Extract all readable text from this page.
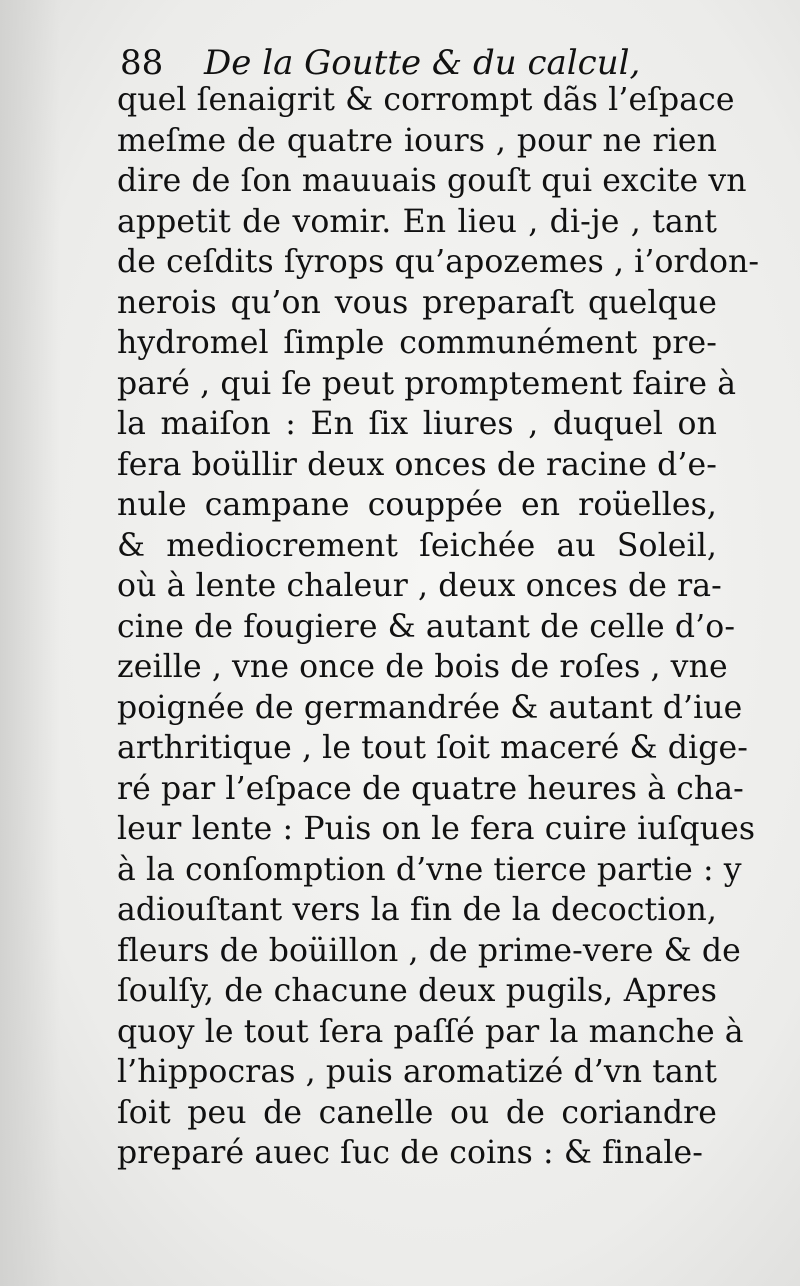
88 De la Goutte & du calcul,
quel ſenaigrit & corrompt dãs l’eſpace
meſme de quatre iours , pour ne rien
dire de ſon mauuais gouſt qui excite vn
appetit de vomir. En lieu , di-je , tant
de ceſdits ſyrops qu’apozemes , i’ordon-
nerois qu’on vous preparaſt quelque
hydromel ſimple communément pre-
paré , qui ſe peut promptement faire à
la maiſon : En ſix liures , duquel on
fera boüllir deux onces de racine d’e-
nule campane couppée en roüelles,
& mediocrement ſeichée au Soleil,
où à lente chaleur , deux onces de ra-
cine de fougiere & autant de celle d’o-
zeille , vne once de bois de roſes , vne
poignée de germandrée & autant d’iue
arthritique , le tout ſoit maceré & dige-
ré par l’eſpace de quatre heures à cha-
leur lente : Puis on le fera cuire iuſques
à la conſomption d’vne tierce partie : y
adiouſtant vers la fin de la decoction,
fleurs de boüillon , de prime-vere & de
ſoulſy, de chacune deux pugils, Apres
quoy le tout ſera paſſé par la manche à
l’hippocras , puis aromatizé d’vn tant
ſoit peu de canelle ou de coriandre
preparé auec ſuc de coins : & finale-
